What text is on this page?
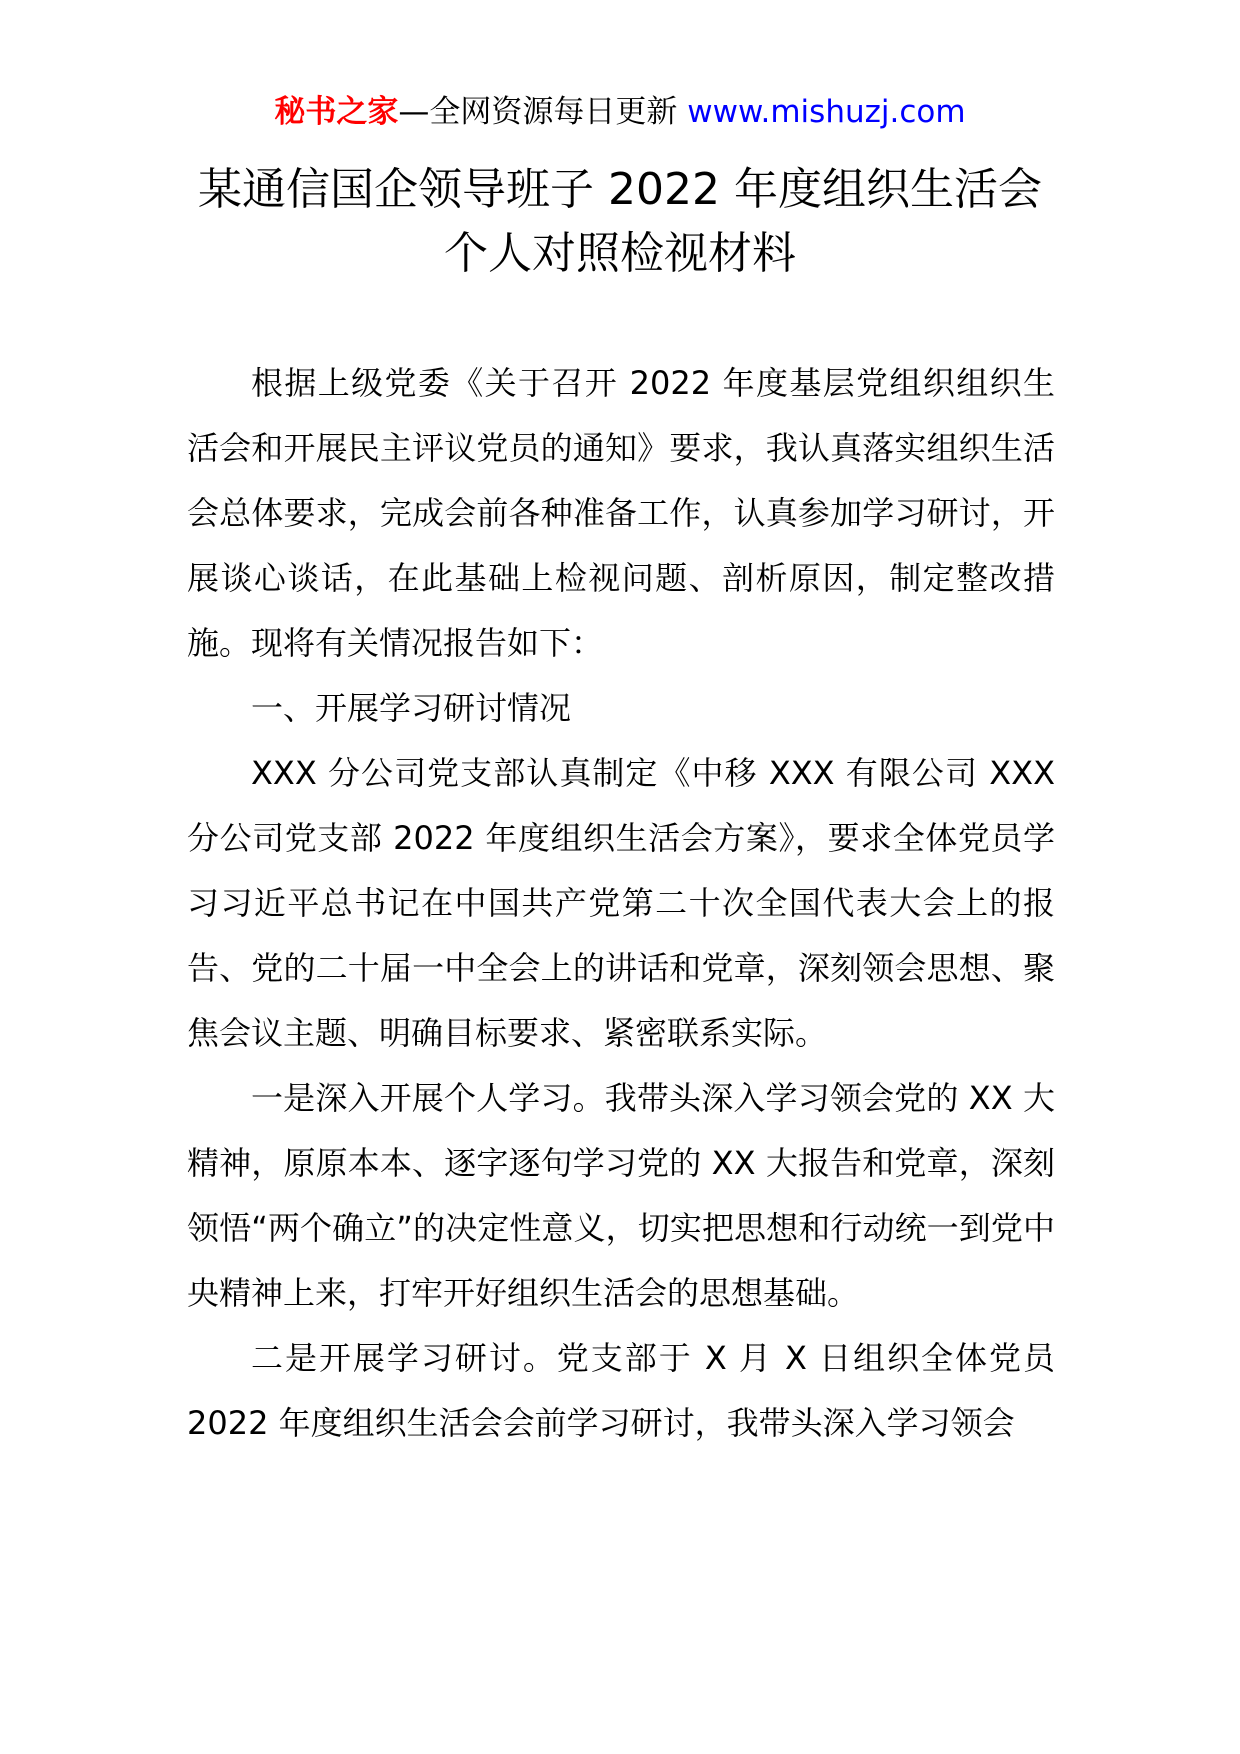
秘书之家—全网资源每日更新 www.mishuzj.com
某通信国企领导班子 2022 年度组织生活会
个人对照检视材料

根据上级党委《关于召开 2022 年度基层党组织组织生活会和开展民主评议党员的通知》要求，我认真落实组织生活会总体要求，完成会前各种准备工作，认真参加学习研讨，开展谈心谈话，在此基础上检视问题、剖析原因，制定整改措施。现将有关情况报告如下：

一、开展学习研讨情况

XXX 分公司党支部认真制定《中移 XXX 有限公司 XXX 分公司党支部 2022 年度组织生活会方案》，要求全体党员学习习近平总书记在中国共产党第二十次全国代表大会上的报告、党的二十届一中全会上的讲话和党章，深刻领会思想、聚焦会议主题、明确目标要求、紧密联系实际。

一是深入开展个人学习。我带头深入学习领会党的 XX 大精神，原原本本、逐字逐句学习党的 XX 大报告和党章，深刻领悟“两个确立”的决定性意义，切实把思想和行动统一到党中央精神上来，打牢开好组织生活会的思想基础。

二是开展学习研讨。党支部于 X 月 X 日组织全体党员 2022 年度组织生活会会前学习研讨，我带头深入学习领会
